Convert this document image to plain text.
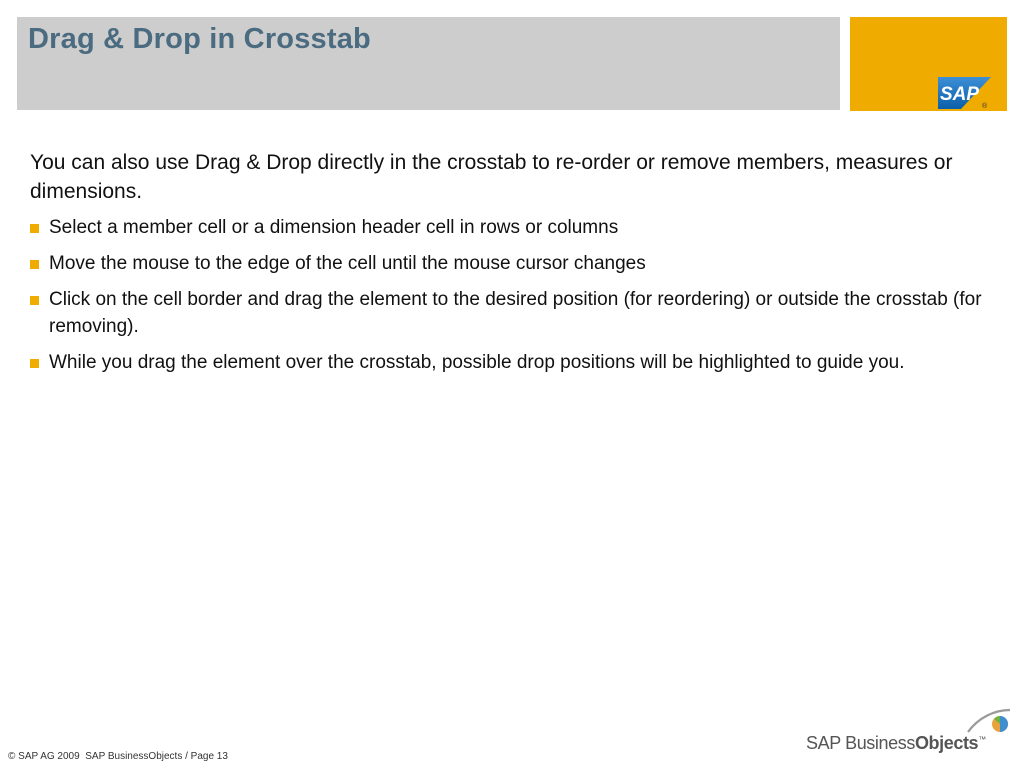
Drag & Drop in Crosstab
SAP
®

You can also use Drag & Drop directly in the crosstab to re-order or remove members, measures or dimensions.

Select a member cell or a dimension header cell in rows or columns
Move the mouse to the edge of the cell until the mouse cursor changes
Click on the cell border and drag the element to the desired position (for reordering) or outside the crosstab (for removing).
While you drag the element over the crosstab, possible drop positions will be highlighted to guide you.
© SAP AG 2009  SAP BusinessObjects / Page 13
SAP BusinessObjects™
